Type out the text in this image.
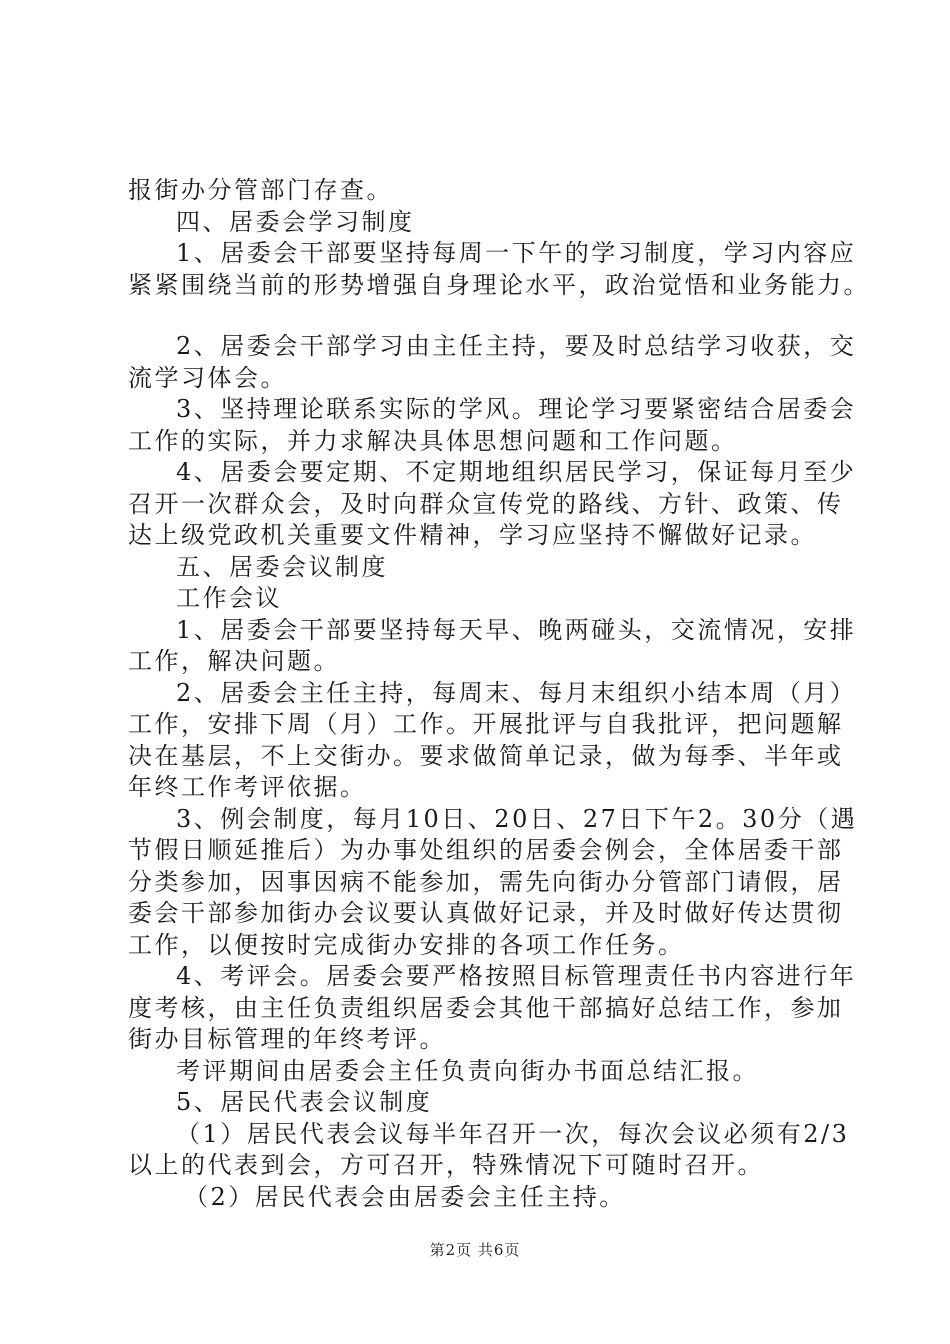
报街办分管部门存查。

四、居委会学习制度

1、居委会干部要坚持每周一下午的学习制度，学习内容应

紧紧围绕当前的形势增强自身理论水平，政治觉悟和业务能力。

2、居委会干部学习由主任主持，要及时总结学习收获，交

流学习体会。

3、坚持理论联系实际的学风。理论学习要紧密结合居委会

工作的实际，并力求解决具体思想问题和工作问题。

4、居委会要定期、不定期地组织居民学习，保证每月至少

召开一次群众会，及时向群众宣传党的路线、方针、政策、传

达上级党政机关重要文件精神，学习应坚持不懈做好记录。

五、居委会议制度

工作会议

1、居委会干部要坚持每天早、晚两碰头，交流情况，安排

工作，解决问题。

2、居委会主任主持，每周末、每月末组织小结本周（月）

工作，安排下周（月）工作。开展批评与自我批评，把问题解

决在基层，不上交街办。要求做简单记录，做为每季、半年或

年终工作考评依据。

3、例会制度，每月10日、20日、27日下午2。30分（遇

节假日顺延推后）为办事处组织的居委会例会，全体居委干部

分类参加，因事因病不能参加，需先向街办分管部门请假，居

委会干部参加街办会议要认真做好记录，并及时做好传达贯彻

工作，以便按时完成街办安排的各项工作任务。

4、考评会。居委会要严格按照目标管理责任书内容进行年

度考核，由主任负责组织居委会其他干部搞好总结工作，参加

街办目标管理的年终考评。

考评期间由居委会主任负责向街办书面总结汇报。

5、居民代表会议制度

（1）居民代表会议每半年召开一次，每次会议必须有2/3

以上的代表到会，方可召开，特殊情况下可随时召开。

（2）居民代表会由居委会主任主持。

第2页 共6页
